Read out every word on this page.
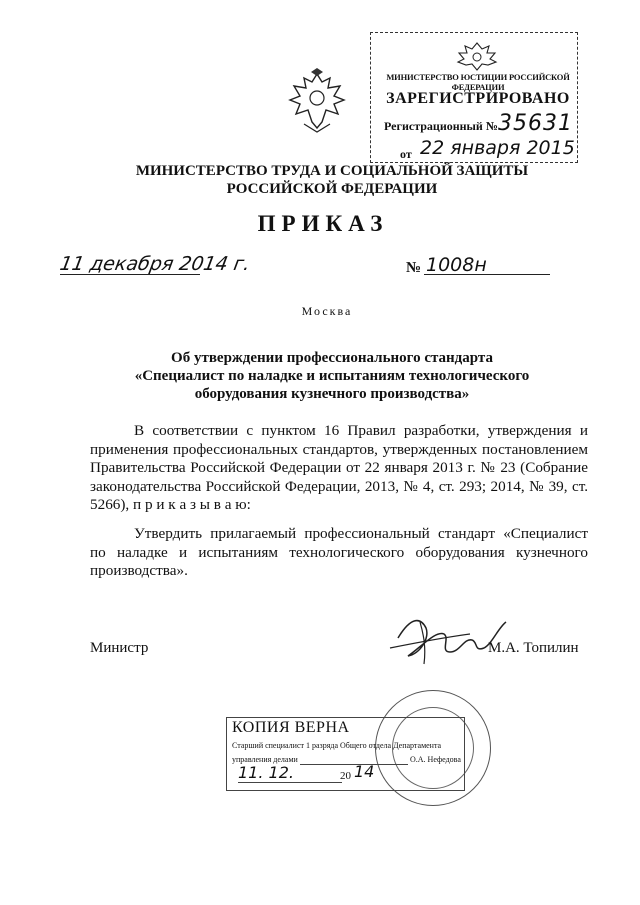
МИНИСТЕРСТВО ЮСТИЦИИ РОССИЙСКОЙ ФЕДЕРАЦИИ
ЗАРЕГИСТРИРОВАНО
Регистрационный № 35631
от 22 января 2015
МИНИСТЕРСТВО ТРУДА И СОЦИАЛЬНОЙ ЗАЩИТЫ
РОССИЙСКОЙ ФЕДЕРАЦИИ
ПРИКАЗ
11 декабря 2014 г.	№ 1008н
Москва
Об утверждении профессионального стандарта
«Специалист по наладке и испытаниям технологического
оборудования кузнечного производства»
В соответствии с пунктом 16 Правил разработки, утверждения и применения профессиональных стандартов, утвержденных постановлением Правительства Российской Федерации от 22 января 2013 г. № 23 (Собрание законодательства Российской Федерации, 2013, № 4, ст. 293; 2014, № 39, ст. 5266), п р и к а з ы в а ю:
Утвердить прилагаемый профессиональный стандарт «Специалист по наладке и испытаниям технологического оборудования кузнечного производства».
Министр	М.А. Топилин
КОПИЯ ВЕРНА
Старший специалист 1 разряда Общего отдела Департамента
управления делами	О.А. Нефедова
11. 12.	20 14
